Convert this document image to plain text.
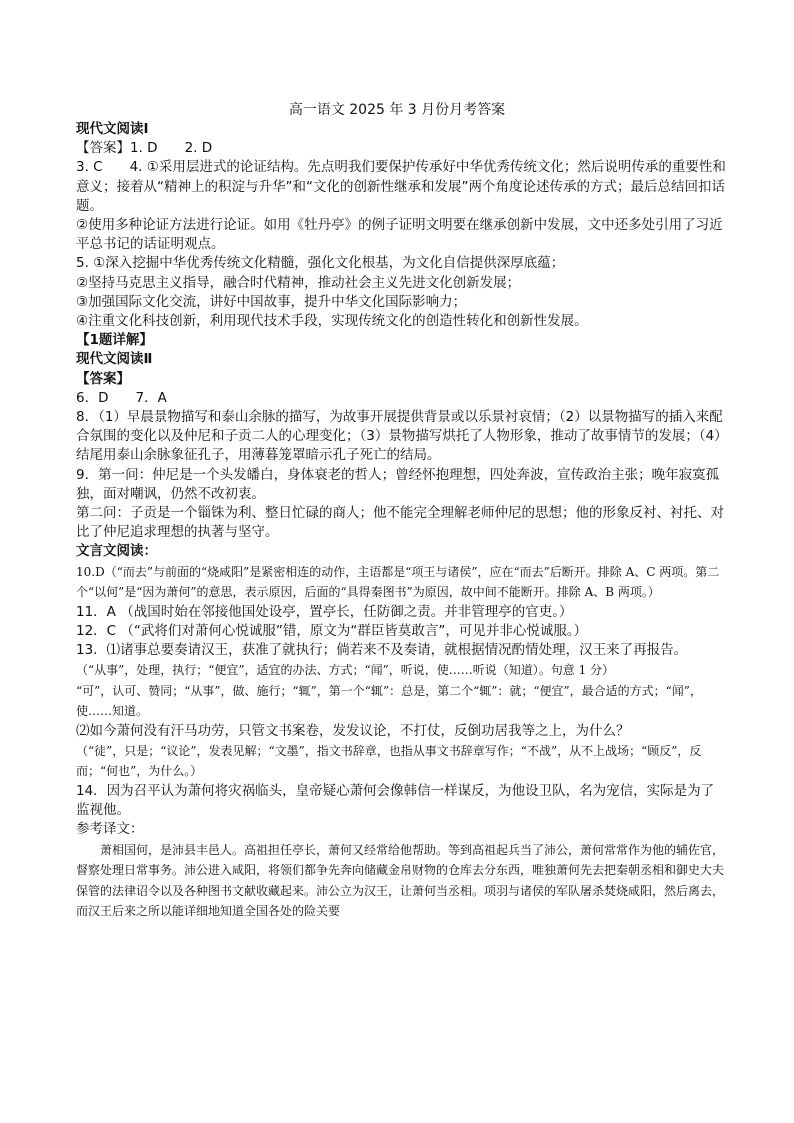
高一语文 2025 年 3 月份月考答案

现代文阅读Ⅰ

【答案】1. D　　2. D

3. C　　4. ①采用层进式的论证结构。先点明我们要保护传承好中华优秀传统文化；然后说明传承的重要性和意义；接着从“精神上的积淀与升华”和“文化的创新性继承和发展”两个角度论述传承的方式；最后总结回扣话题。

②使用多种论证方法进行论证。如用《牡丹亭》的例子证明文明要在继承创新中发展，文中还多处引用了习近平总书记的话证明观点。

5. ①深入挖掘中华优秀传统文化精髓，强化文化根基，为文化自信提供深厚底蕴；

②坚持马克思主义指导，融合时代精神，推动社会主义先进文化创新发展；

③加强国际文化交流，讲好中国故事，提升中华文化国际影响力；

④注重文化科技创新，利用现代技术手段，实现传统文化的创造性转化和创新性发展。

【1题详解】

现代文阅读Ⅱ

【答案】

6．D　　7．A

8．（1）早晨景物描写和泰山余脉的描写，为故事开展提供背景或以乐景衬哀情；（2）以景物描写的插入来配合氛围的变化以及仲尼和子贡二人的心理变化；（3）景物描写烘托了人物形象，推动了故事情节的发展；（4）结尾用泰山余脉象征孔子，用薄暮笼罩暗示孔子死亡的结局。

9．第一问：仲尼是一个头发皤白，身体衰老的哲人；曾经怀抱理想，四处奔波，宣传政治主张；晚年寂寞孤独，面对嘲讽，仍然不改初衷。

第二问：子贡是一个锱铢为利、整日忙碌的商人；他不能完全理解老师仲尼的思想；他的形象反衬、衬托、对比了仲尼追求理想的执著与坚守。

文言文阅读：

10.D（“而去”与前面的“烧咸阳”是紧密相连的动作，主语都是“项王与诸侯”，应在“而去”后断开。排除 A、C 两项。第二个“以何”是“因为萧何”的意思，表示原因，后面的“具得秦图书”为原因，故中间不能断开。排除 A、B 两项。）

11．A （战国时始在邻接他国处设亭，置亭长，任防御之责。并非管理亭的官吏。）

12．C （“武将们对萧何心悦诚服”错，原文为“群臣皆莫敢言”，可见并非心悦诚服。）

13．⑴诸事总要奏请汉王，获准了就执行；倘若来不及奏请，就根据情况酌情处理，汉王来了再报告。

（“从事”，处理，执行；“便宜”，适宜的办法、方式；“闻”，听说，使……听说（知道）。句意 1 分）

“可”，认可、赞同；“从事”，做、施行；“辄”，第一个“辄”：总是，第二个“辄”：就；“便宜”，最合适的方式；“闻”，使……知道。

⑵如今萧何没有汗马功劳，只管文书案卷，发发议论，不打仗，反倒功居我等之上，为什么？

（“徒”，只是；“议论”，发表见解；“文墨”，指文书辞章，也指从事文书辞章写作；“不战”，从不上战场；“顾反”，反而；“何也”，为什么。）

14．因为召平认为萧何将灾祸临头，皇帝疑心萧何会像韩信一样谋反，为他设卫队，名为宠信，实际是为了监视他。

参考译文：

萧相国何，是沛县丰邑人。高祖担任亭长，萧何又经常给他帮助。等到高祖起兵当了沛公，萧何常常作为他的辅佐官，督察处理日常事务。沛公进入咸阳，将领们都争先奔向储藏金帛财物的仓库去分东西，唯独萧何先去把秦朝丞相和御史大夫保管的法律诏令以及各种图书文献收藏起来。沛公立为汉王，让萧何当丞相。项羽与诸侯的军队屠杀焚烧咸阳，然后离去，而汉王后来之所以能详细地知道全国各处的险关要
